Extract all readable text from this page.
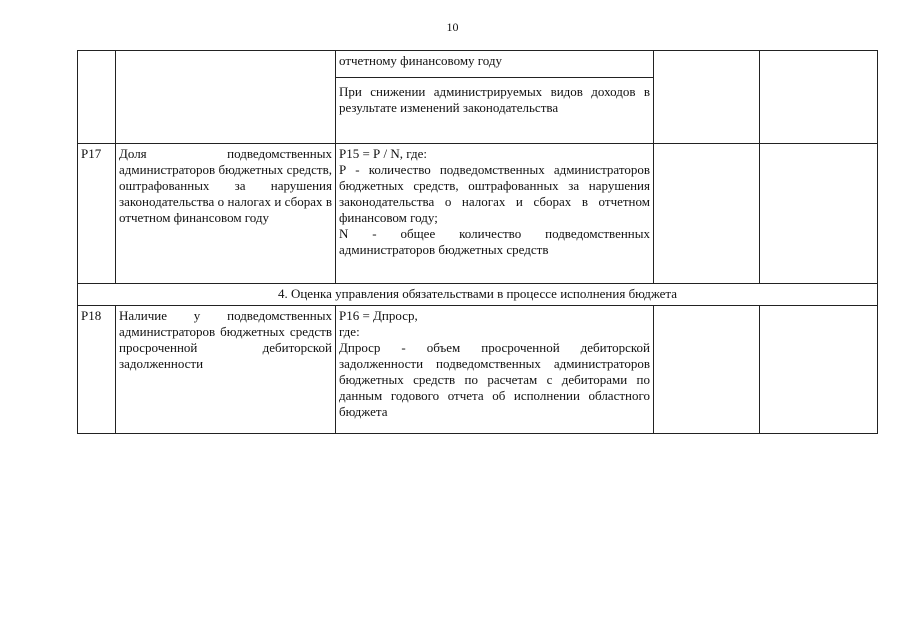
10

		отчетному финансовому году		

		При снижении администрируемых видов доходов в результате изменений законодательства		

Р17	Доля подведомственных администраторов бюджетных средств, оштрафованных за нарушения законодательства о налогах и сборах в отчетном финансовом году	Р15 = Р / N, где:
Р - количество подведомственных администраторов бюджетных средств, оштрафованных за нарушения законодательства о налогах и сборах в отчетном финансовом году;
N - общее количество подведомственных администраторов бюджетных средств		

4. Оценка управления обязательствами в процессе исполнения бюджета				
Р18	Наличие у подведомственных администраторов бюджетных средств просроченной дебиторской задолженности	Р16 = Дпроср,
где:
Дпроср - объем просроченной дебиторской задолженности подведомственных администраторов бюджетных средств по расчетам с дебиторами по данным годового отчета об исполнении областного бюджета		
